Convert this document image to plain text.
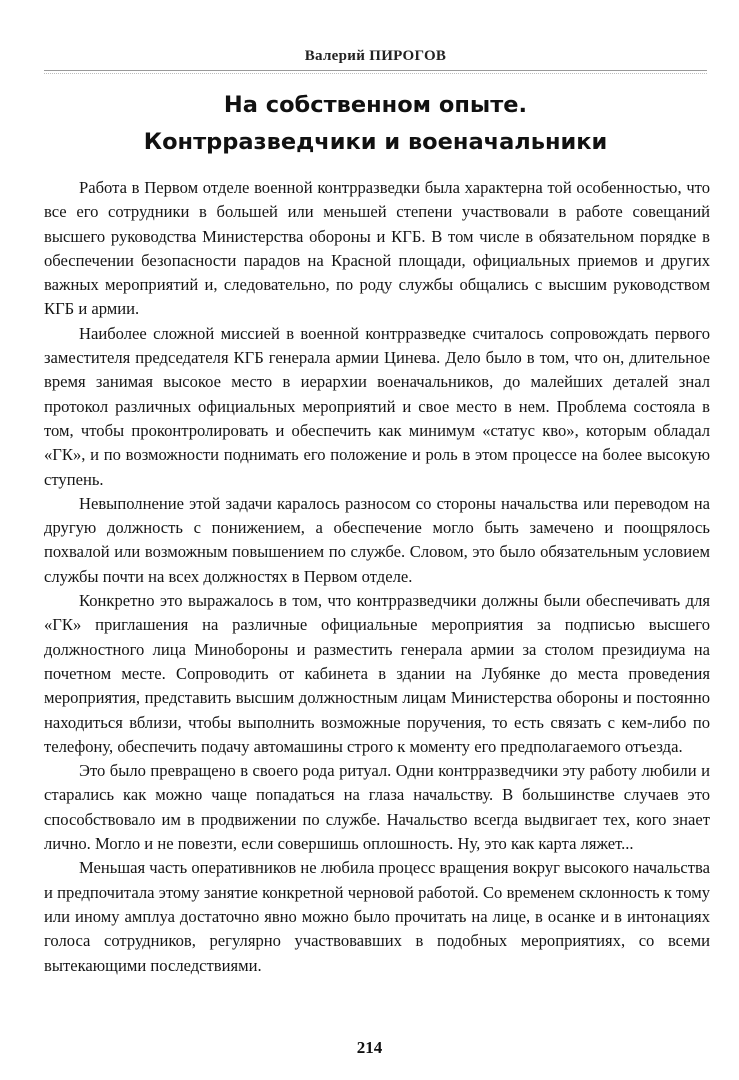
Валерий ПИРОГОВ
На собственном опыте.
Контрразведчики и военачальники

Работа в Первом отделе военной контрразведки была характерна той особенностью, что все его сотрудники в большей или меньшей степени участвовали в работе совещаний высшего руководства Министерства обороны и КГБ. В том числе в обязательном порядке в обеспечении безопасности парадов на Красной площади, официальных приемов и других важных мероприятий и, следовательно, по роду службы общались с высшим руководством КГБ и армии.

Наиболее сложной миссией в военной контрразведке считалось сопровождать первого заместителя председателя КГБ генерала армии Цинева. Дело было в том, что он, длительное время занимая высокое место в иерархии военачальников, до малейших деталей знал протокол различных официальных мероприятий и свое место в нем. Проблема состояла в том, чтобы проконтролировать и обеспечить как минимум «статус кво», которым обладал «ГК», и по возможности поднимать его положение и роль в этом процессе на более высокую ступень.

Невыполнение этой задачи каралось разносом со стороны начальства или переводом на другую должность с понижением, а обеспечение могло быть замечено и поощрялось похвалой или возможным повышением по службе. Словом, это было обязательным условием службы почти на всех должностях в Первом отделе.

Конкретно это выражалось в том, что контрразведчики должны были обеспечивать для «ГК» приглашения на различные официальные мероприятия за подписью высшего должностного лица Минобороны и разместить генерала армии за столом президиума на почетном месте. Сопроводить от кабинета в здании на Лубянке до места проведения мероприятия, представить высшим должностным лицам Министерства обороны и постоянно находиться вблизи, чтобы выполнить возможные поручения, то есть связать с кем-либо по телефону, обеспечить подачу автомашины строго к моменту его предполагаемого отъезда.

Это было превращено в своего рода ритуал. Одни контрразведчики эту работу любили и старались как можно чаще попадаться на глаза начальству. В большинстве случаев это способствовало им в продвижении по службе. Начальство всегда выдвигает тех, кого знает лично. Могло и не повезти, если совершишь оплошность. Ну, это как карта ляжет...

Меньшая часть оперативников не любила процесс вращения вокруг высокого начальства и предпочитала этому занятие конкретной черновой работой. Со временем склонность к тому или иному амплуа достаточно явно можно было прочитать на лице, в осанке и в интонациях голоса сотрудников, регулярно участвовавших в подобных мероприятиях, со всеми вытекающими последствиями.

214
